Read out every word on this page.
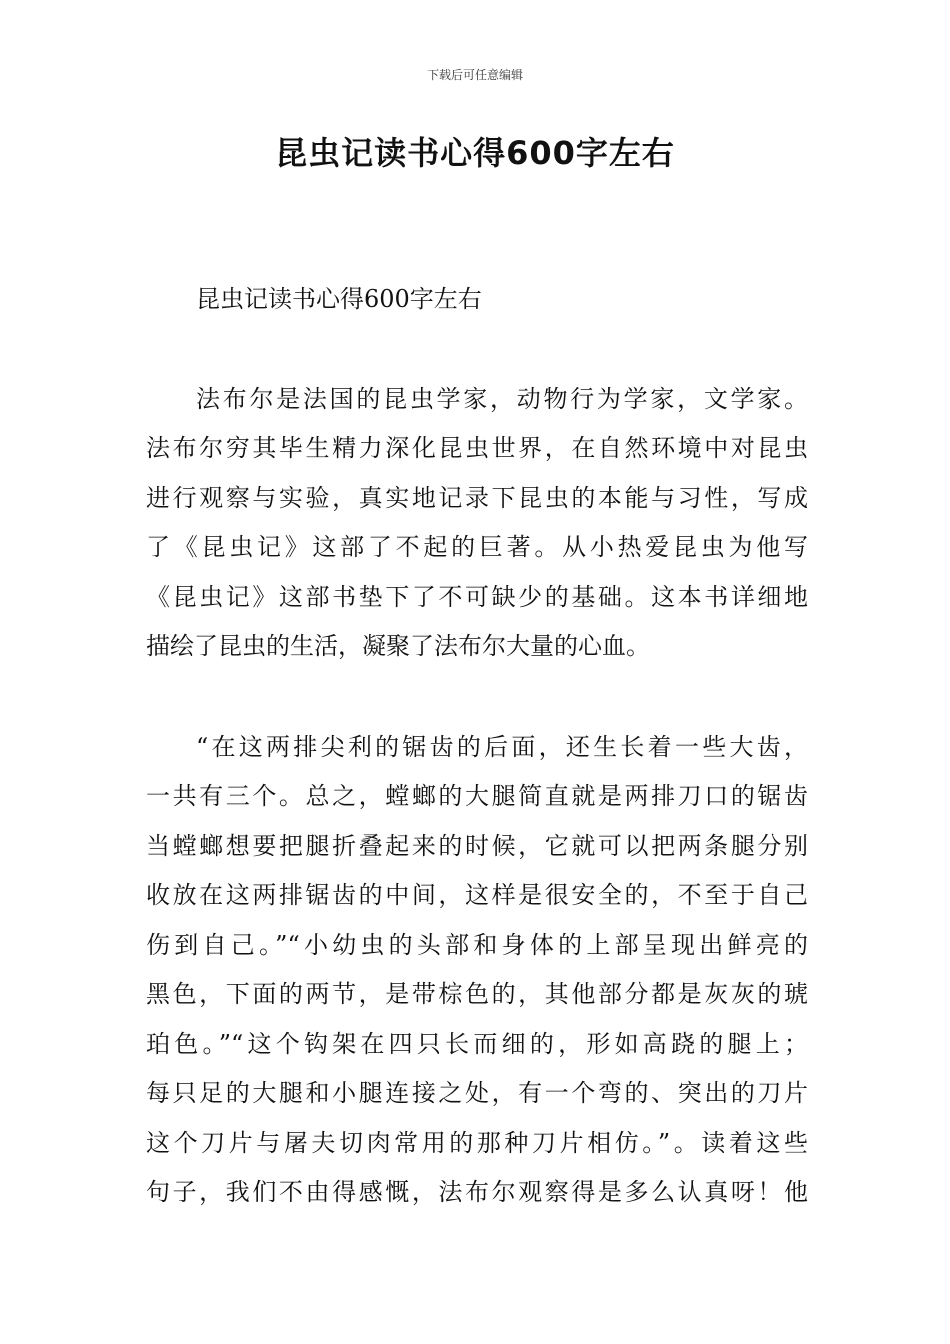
下载后可任意编辑
昆虫记读书心得600字左右
昆虫记读书心得600字左右
法布尔是法国的昆虫学家，动物行为学家，文学家。
法布尔穷其毕生精力深化昆虫世界，在自然环境中对昆虫
进行观察与实验，真实地记录下昆虫的本能与习性，写成
了《昆虫记》这部了不起的巨著。从小热爱昆虫为他写
《昆虫记》这部书垫下了不可缺少的基础。这本书详细地
描绘了昆虫的生活，凝聚了法布尔大量的心血。
“在这两排尖利的锯齿的后面，还生长着一些大齿，
一共有三个。总之，螳螂的大腿简直就是两排刀口的锯齿
当螳螂想要把腿折叠起来的时候，它就可以把两条腿分别
收放在这两排锯齿的中间，这样是很安全的，不至于自己
伤到自己。”“小幼虫的头部和身体的上部呈现出鲜亮的
黑色，下面的两节，是带棕色的，其他部分都是灰灰的琥
珀色。”“这个钩架在四只长而细的，形如高跷的腿上；
每只足的大腿和小腿连接之处，有一个弯的、突出的刀片
这个刀片与屠夫切肉常用的那种刀片相仿。”。读着这些
句子，我们不由得感慨，法布尔观察得是多么认真呀！他
